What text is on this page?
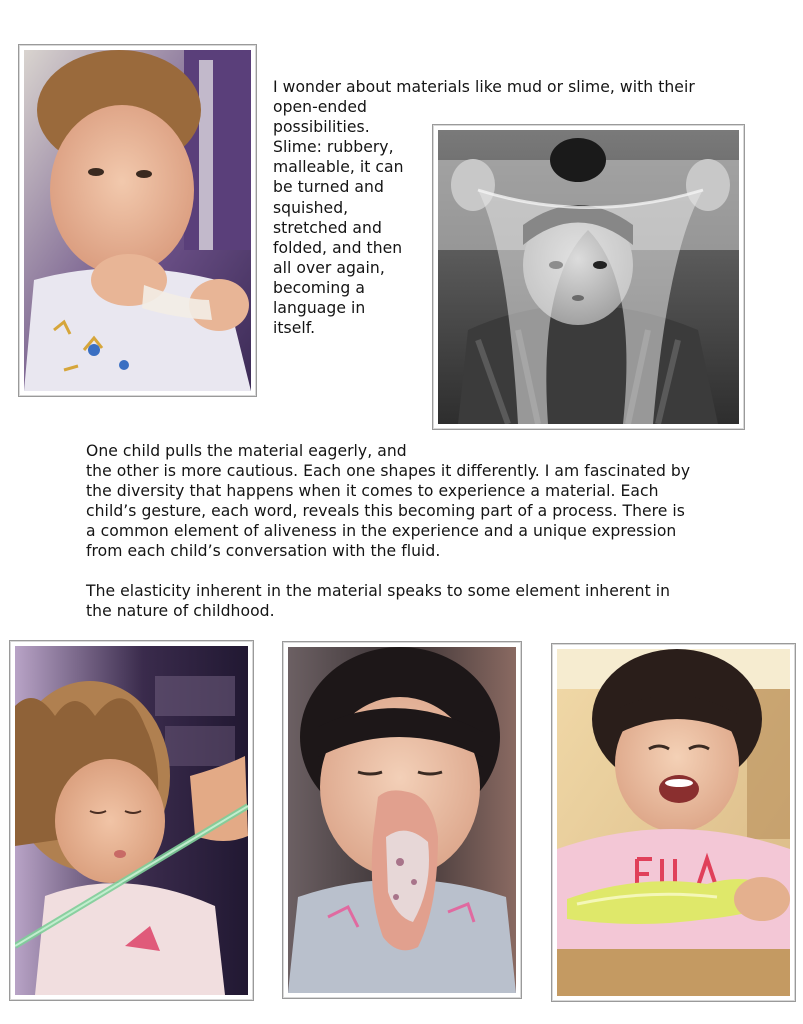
I wonder about materials like mud or slime, with their
open-ended
possibilities.
Slime: rubbery,
malleable, it can
be turned and
squished,
stretched and
folded, and then
all over again,
becoming a
language in
itself.
One child pulls the material eagerly, and
the other is more cautious. Each one shapes it differently. I am fascinated by
the diversity that happens when it comes to experience a material. Each
child’s gesture, each word, reveals this becoming part of a process. There is
a common element of aliveness in the experience and a unique expression
from each child’s conversation with the fluid.
The elasticity inherent in the material speaks to some element inherent in
the nature of childhood.
